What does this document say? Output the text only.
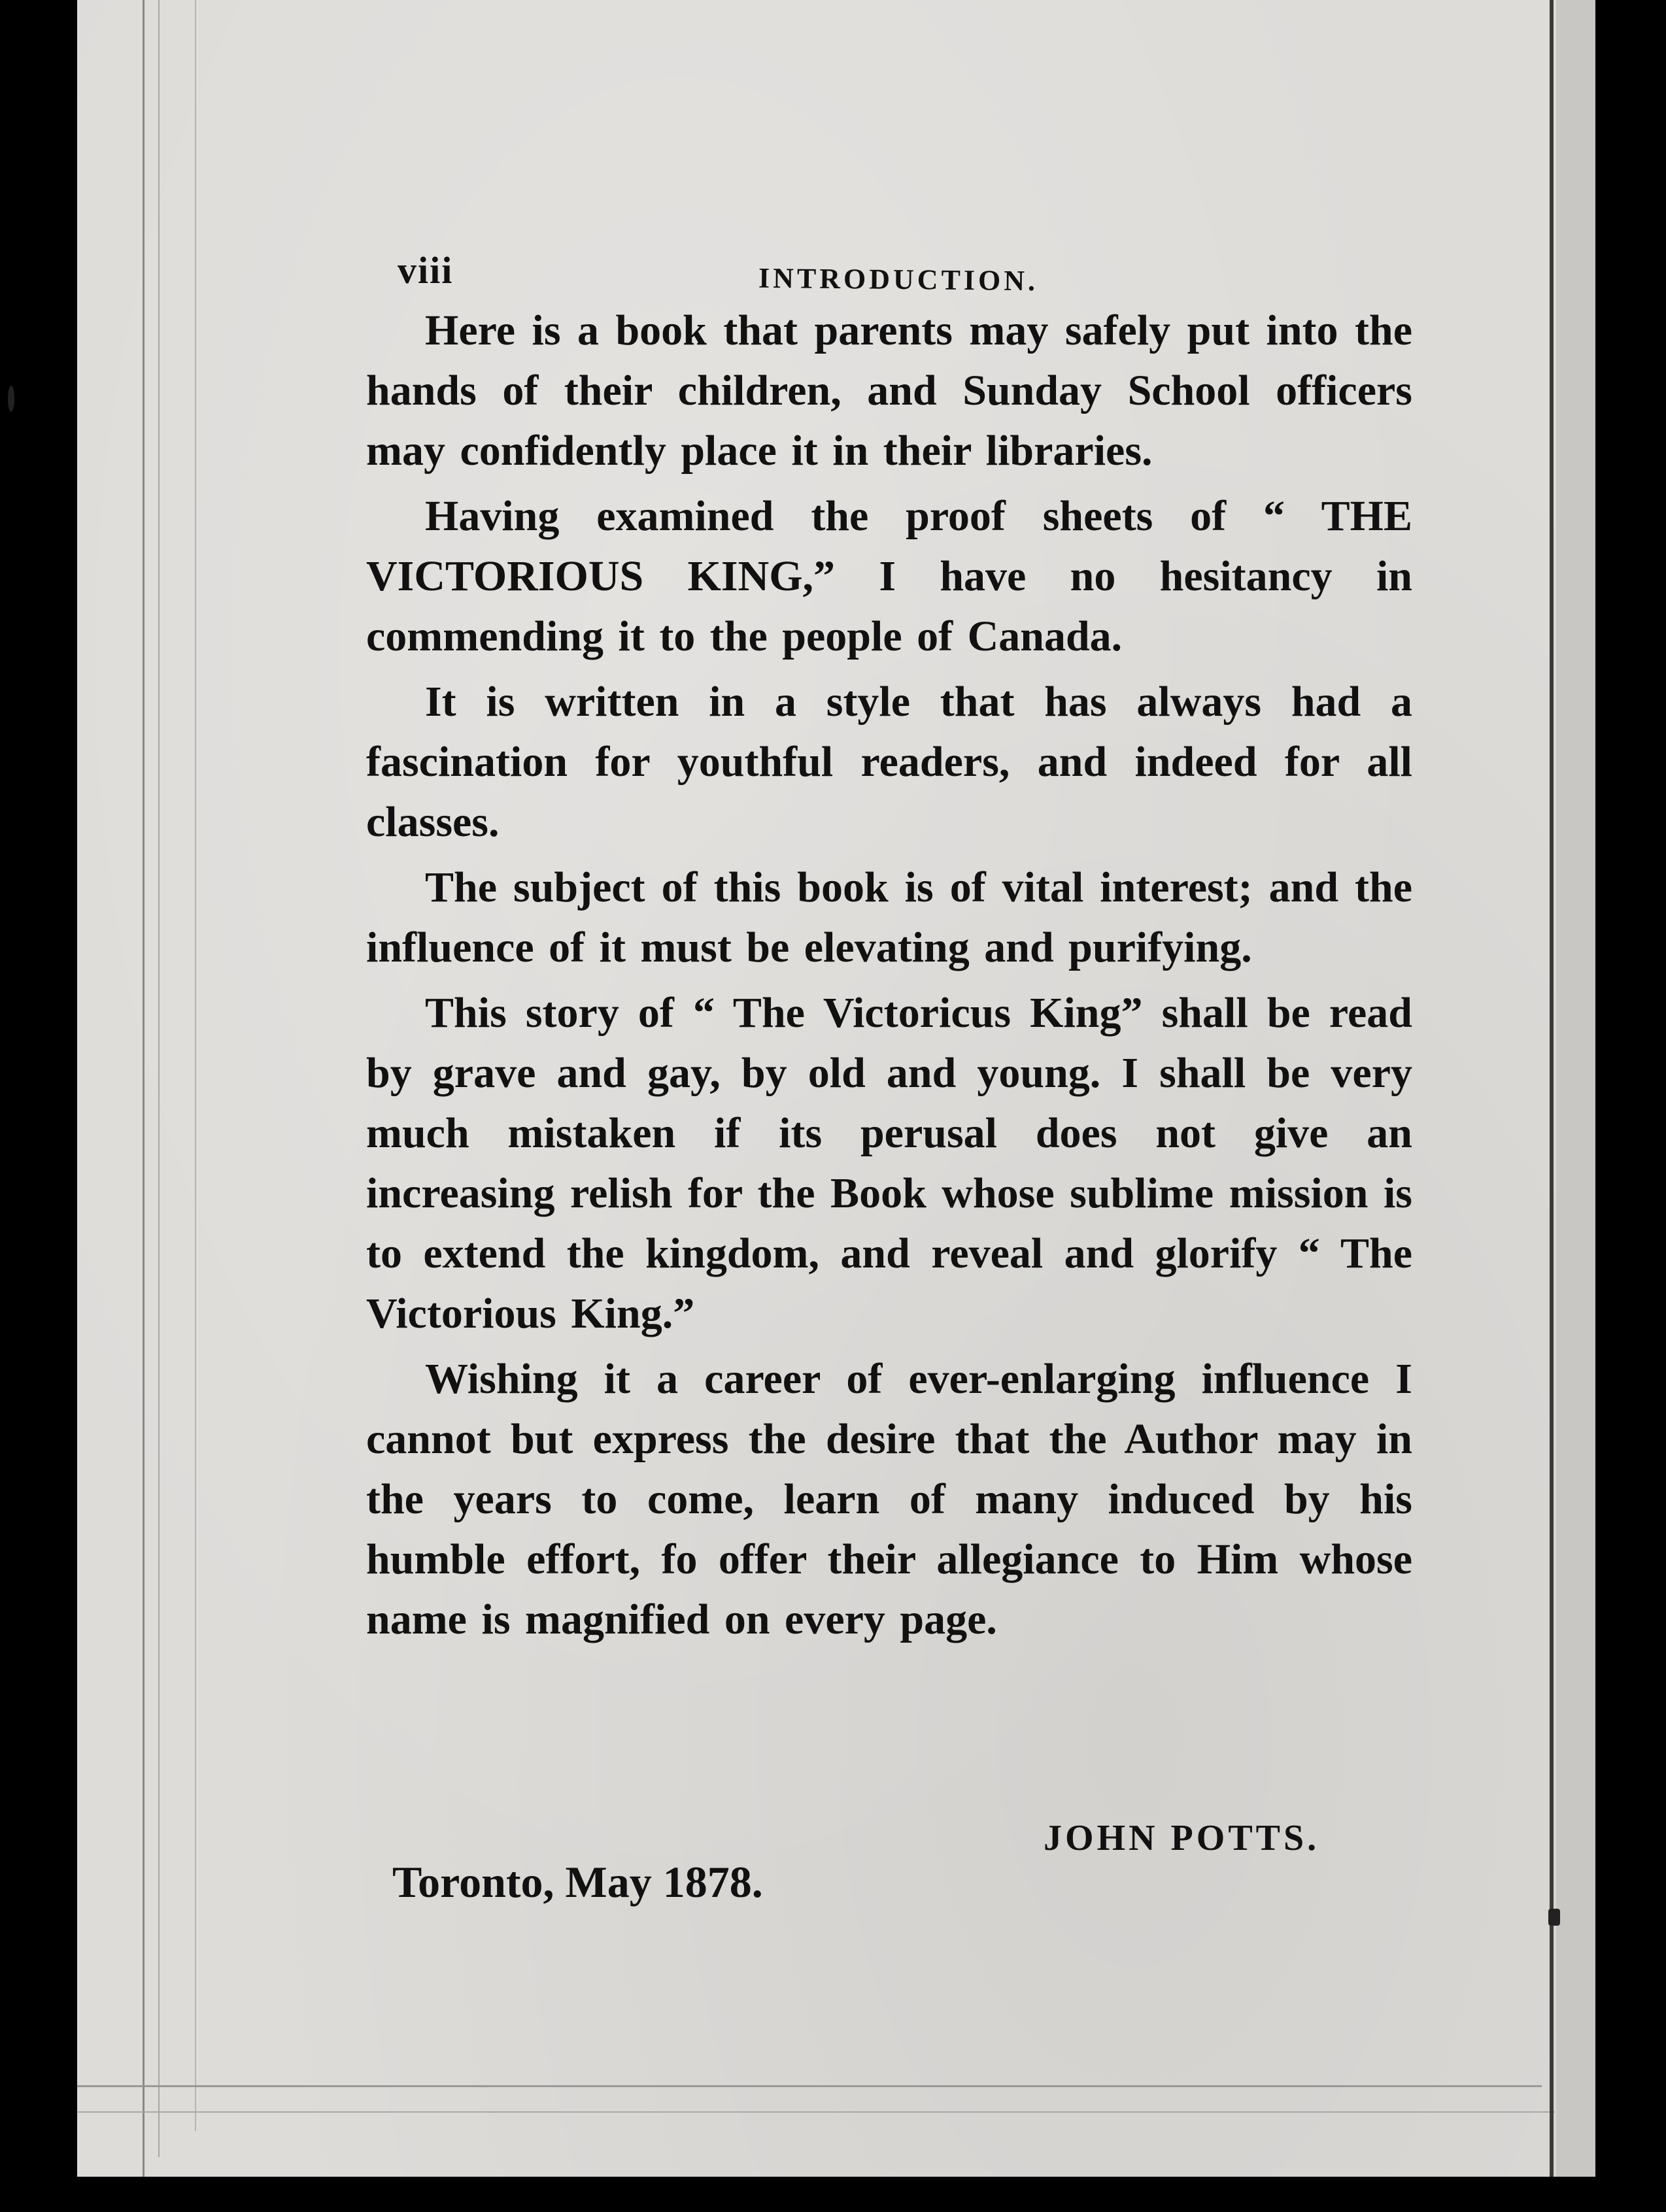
viii	INTRODUCTION.

Here is a book that parents may safely put into the hands of their children, and Sunday School officers may confidently place it in their libraries.

Having examined the proof sheets of “ THE VICTORIOUS KING,” I have no hesitancy in commending it to the people of Canada.

It is written in a style that has always had a fascination for youthful readers, and indeed for all classes.

The subject of this book is of vital interest; and the influence of it must be elevating and purifying.

This story of “ The Victoricus King” shall be read by grave and gay, by old and young. I shall be very much mistaken if its perusal does not give an increasing relish for the Book whose sublime mission is to extend the kingdom, and reveal and glorify “ The Victorious King.”

Wishing it a career of ever-enlarging influence I cannot but express the desire that the Author may in the years to come, learn of many induced by his humble effort, fo offer their allegiance to Him whose name is magnified on every page.

JOHN POTTS.
Toronto, May 1878.
